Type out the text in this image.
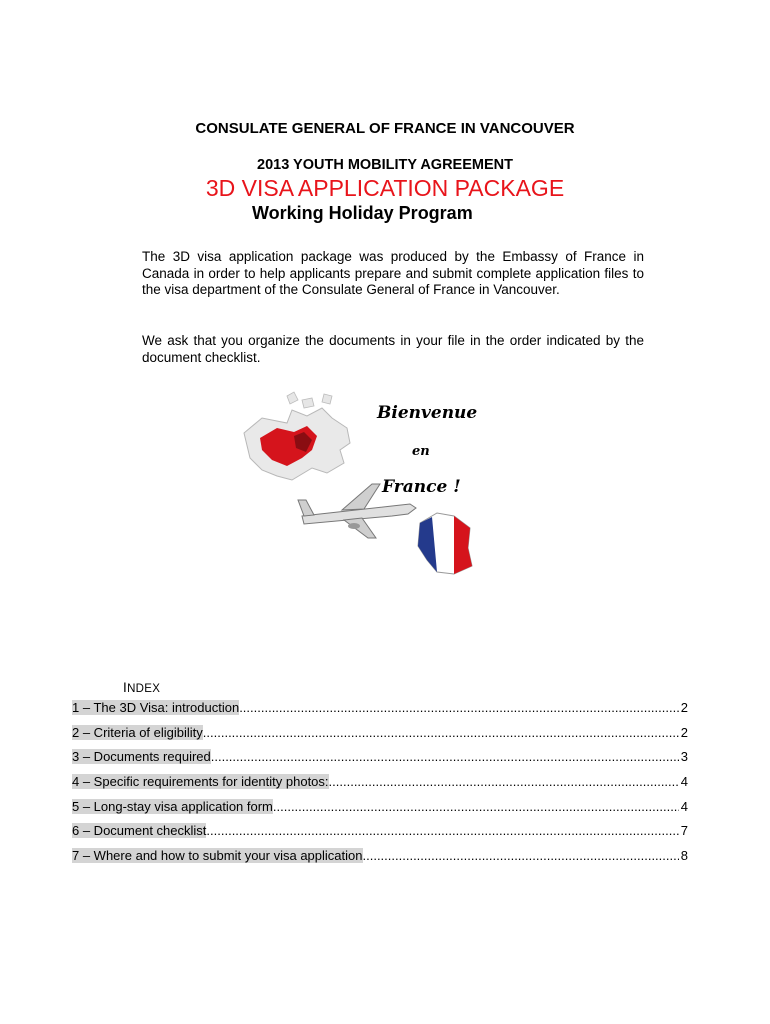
CONSULATE GENERAL OF FRANCE IN VANCOUVER
2013 YOUTH MOBILITY AGREEMENT
3D VISA APPLICATION PACKAGE
Working Holiday Program

The 3D visa application package was produced by the Embassy of France in Canada in order to help applicants prepare and submit complete application files to the visa department of the Consulate General of France in Vancouver.

We ask that you organize the documents in your file in the order indicated by the document checklist.

Bienvenue
en
France !
INDEX
1 – The 3D Visa: introduction .....	2
2 – Criteria of eligibility .....	2
3 – Documents required .....	3
4 – Specific requirements for identity photos: .....	4
5 – Long-stay visa application form .....	4
6 – Document checklist .....	7
7 – Where and how to submit your visa application .....	8
